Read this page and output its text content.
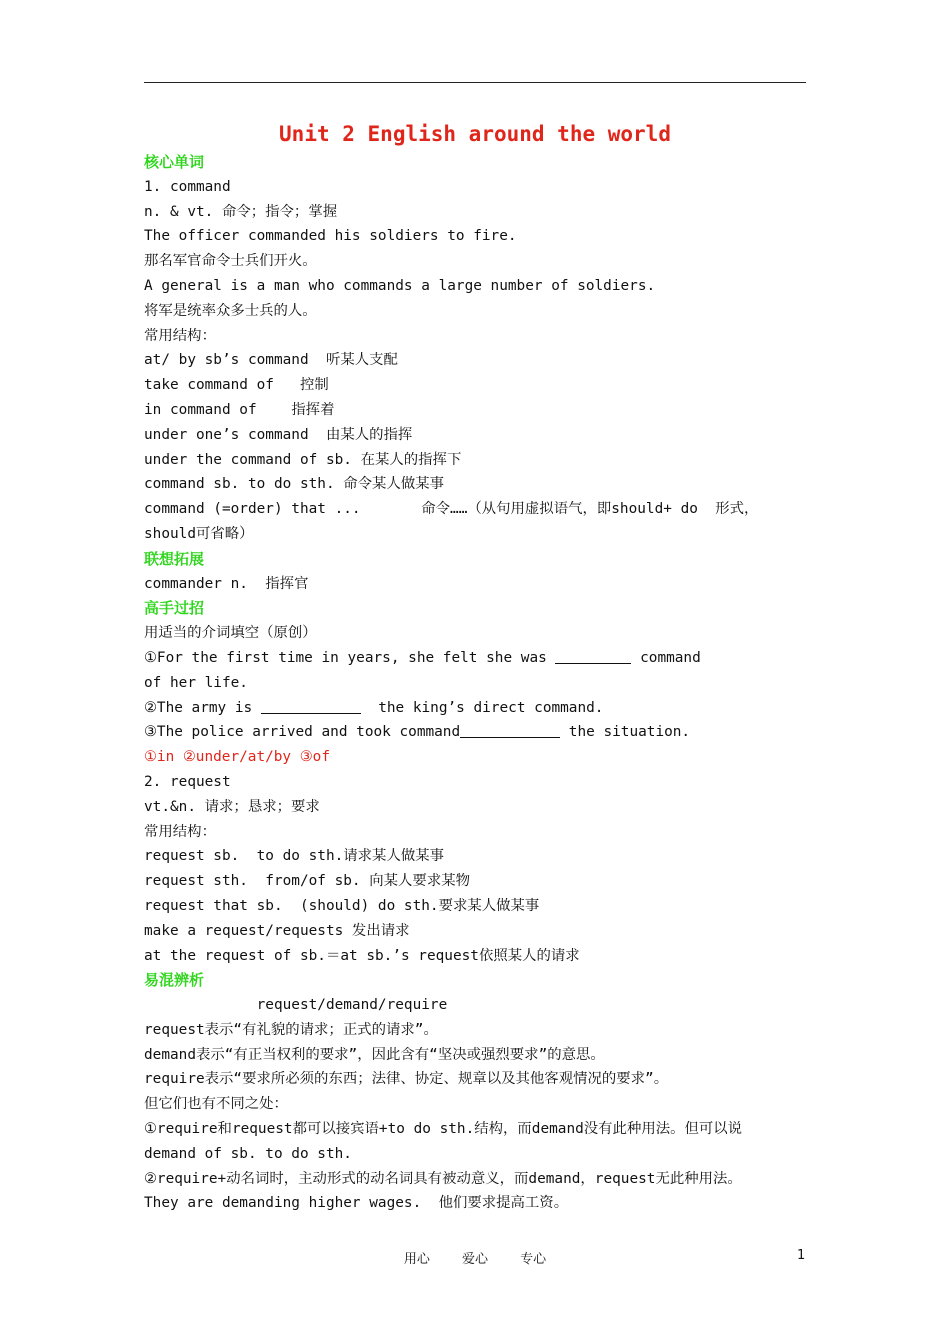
Unit 2 English around the world
核心单词
1. command
n. & vt. 命令；指令；掌握
The officer commanded his soldiers to fire.
那名军官命令士兵们开火。
A general is a man who commands a large number of soldiers.
将军是统率众多士兵的人。
常用结构：
at/ by sb’s command  听某人支配
take command of   控制
in command of    指挥着
under one’s command  由某人的指挥
under the command of sb. 在某人的指挥下
command sb. to do sth. 命令某人做某事
command (=order) that ...       命令……（从句用虚拟语气，即should+ do  形式，
should可省略）
联想拓展
commander n.  指挥官
高手过招
用适当的介词填空（原创）
①For the first time in years, she felt she was	command
of her life.
②The army is	the king’s direct command.
③The police arrived and took command	the situation.
①in ②under/at/by ③of
2. request
vt.&n. 请求；恳求；要求
常用结构：
request sb.  to do sth.请求某人做某事
request sth.  from/of sb. 向某人要求某物
request that sb.  (should) do sth.要求某人做某事
make a request/requests 发出请求
at the request of sb.＝at sb.’s request依照某人的请求
易混辨析
request/demand/require
request表示“有礼貌的请求；正式的请求”。
demand表示“有正当权利的要求”，因此含有“坚决或强烈要求”的意思。
require表示“要求所必须的东西；法律、协定、规章以及其他客观情况的要求”。
但它们也有不同之处：
①require和request都可以接宾语+to do sth.结构，而demand没有此种用法。但可以说
demand of sb. to do sth.
②require+动名词时，主动形式的动名词具有被动意义，而demand，request无此种用法。
They are demanding higher wages.  他们要求提高工资。
用心 爱心 专心	1
